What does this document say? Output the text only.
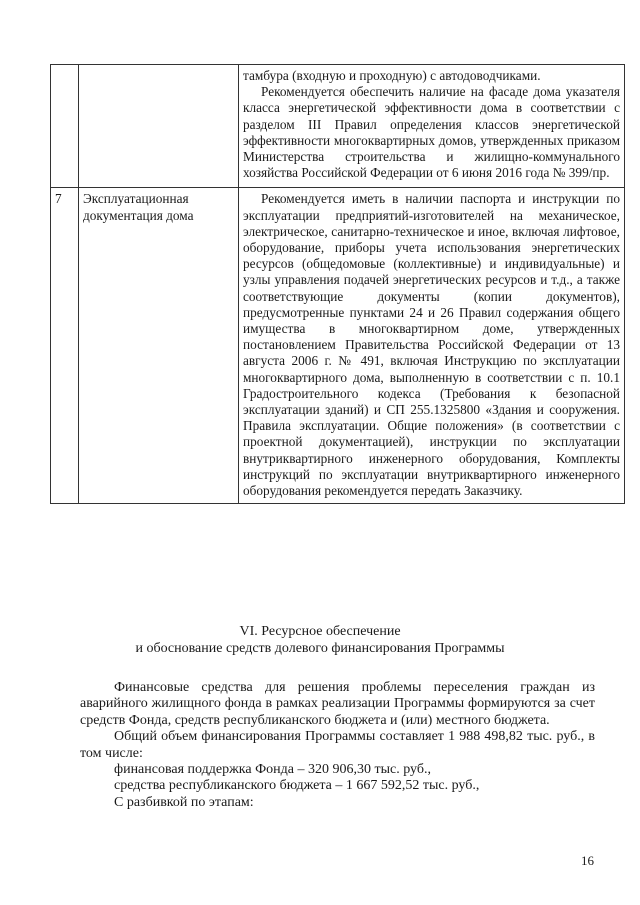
		тамбура (входную и проходную) с автодоводчиками.
Рекомендуется обеспечить наличие на фасаде дома указателя класса энергетической эффективности дома в соответствии с разделом III Правил определения классов энергетической эффективности многоквартирных домов, утвержденных приказом Министерства строительства и жилищно-коммунального хозяйства Российской Федерации от 6 июня 2016 года № 399/пр.

7	Эксплуатационная документация дома	Рекомендуется иметь в наличии паспорта и инструкции по эксплуатации предприятий-изготовителей на механическое, электрическое, санитарно-техническое и иное, включая лифтовое, оборудование, приборы учета использования энергетических ресурсов (общедомовые (коллективные) и индивидуальные) и узлы управления подачей энергетических ресурсов и т.д., а также соответствующие документы (копии документов), предусмотренные пунктами 24 и 26 Правил содержания общего имущества в многоквартирном доме, утвержденных постановлением Правительства Российской Федерации от 13 августа 2006 г. № 491, включая Инструкцию по эксплуатации многоквартирного дома, выполненную в соответствии с п. 10.1 Градостроительного кодекса (Требования к безопасной эксплуатации зданий) и СП 255.1325800 «Здания и сооружения. Правила эксплуатации. Общие положения» (в соответствии с проектной документацией), инструкции по эксплуатации внутриквартирного инженерного оборудования, Комплекты инструкций по эксплуатации внутриквартирного инженерного оборудования рекомендуется передать Заказчику.
VI. Ресурсное обеспечение
и обоснование средств долевого финансирования Программы

Финансовые средства для решения проблемы переселения граждан из аварийного жилищного фонда в рамках реализации Программы формируются за счет средств Фонда, средств республиканского бюджета и (или) местного бюджета.

Общий объем финансирования Программы составляет 1 988 498,82 тыс. руб., в том числе:

финансовая поддержка Фонда – 320 906,30 тыс. руб.,

средства республиканского бюджета – 1 667 592,52 тыс. руб.,

С разбивкой по этапам:

16
